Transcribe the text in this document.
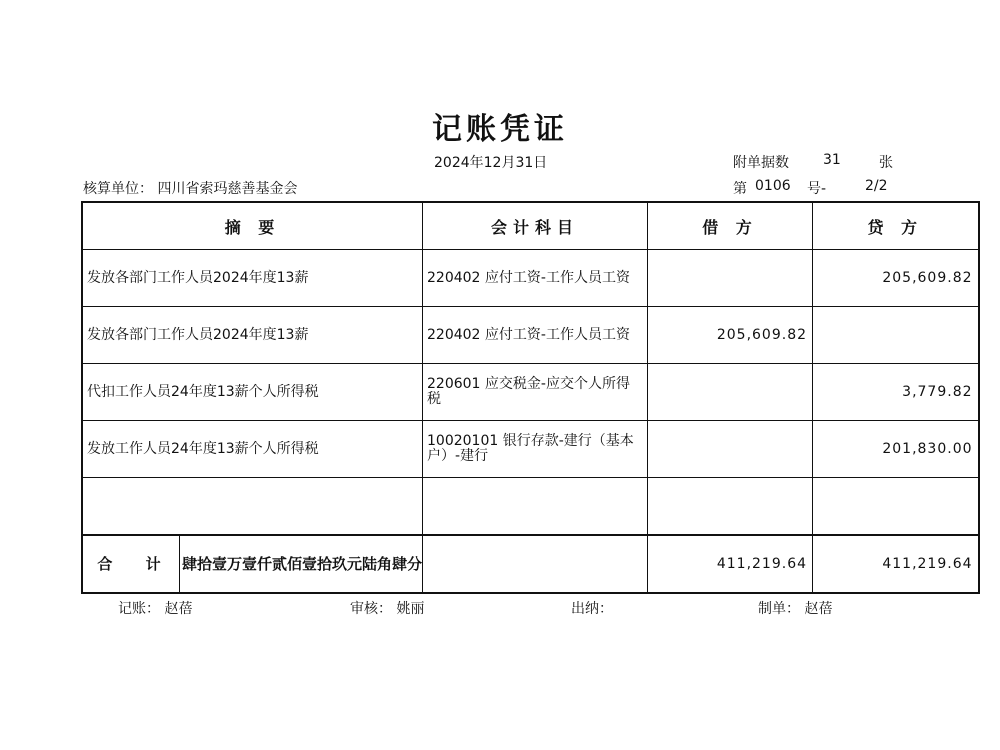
记账凭证
2024年12月31日	附单据数 31	张
核算单位： 四川省索玛慈善基金会	第 0106 号-	2/2
摘 要	会计科目	借 方	贷 方

发放各部门工作人员2024年度13薪	220402 应付工资-工作人员工资		205,609.82

发放各部门工作人员2024年度13薪	220402 应付工资-工作人员工资	205,609.82	

代扣工作人员24年度13薪个人所得税	220601 应交税金-应交个人所得税		3,779.82

发放工作人员24年度13薪个人所得税	10020101 银行存款-建行（基本户）-建行		201,830.00

合 计 肆拾壹万壹仟贰佰壹拾玖元陆角肆分		411,219.64	411,219.64
记账： 赵蓓	审核： 姚丽	出纳：	制单： 赵蓓
